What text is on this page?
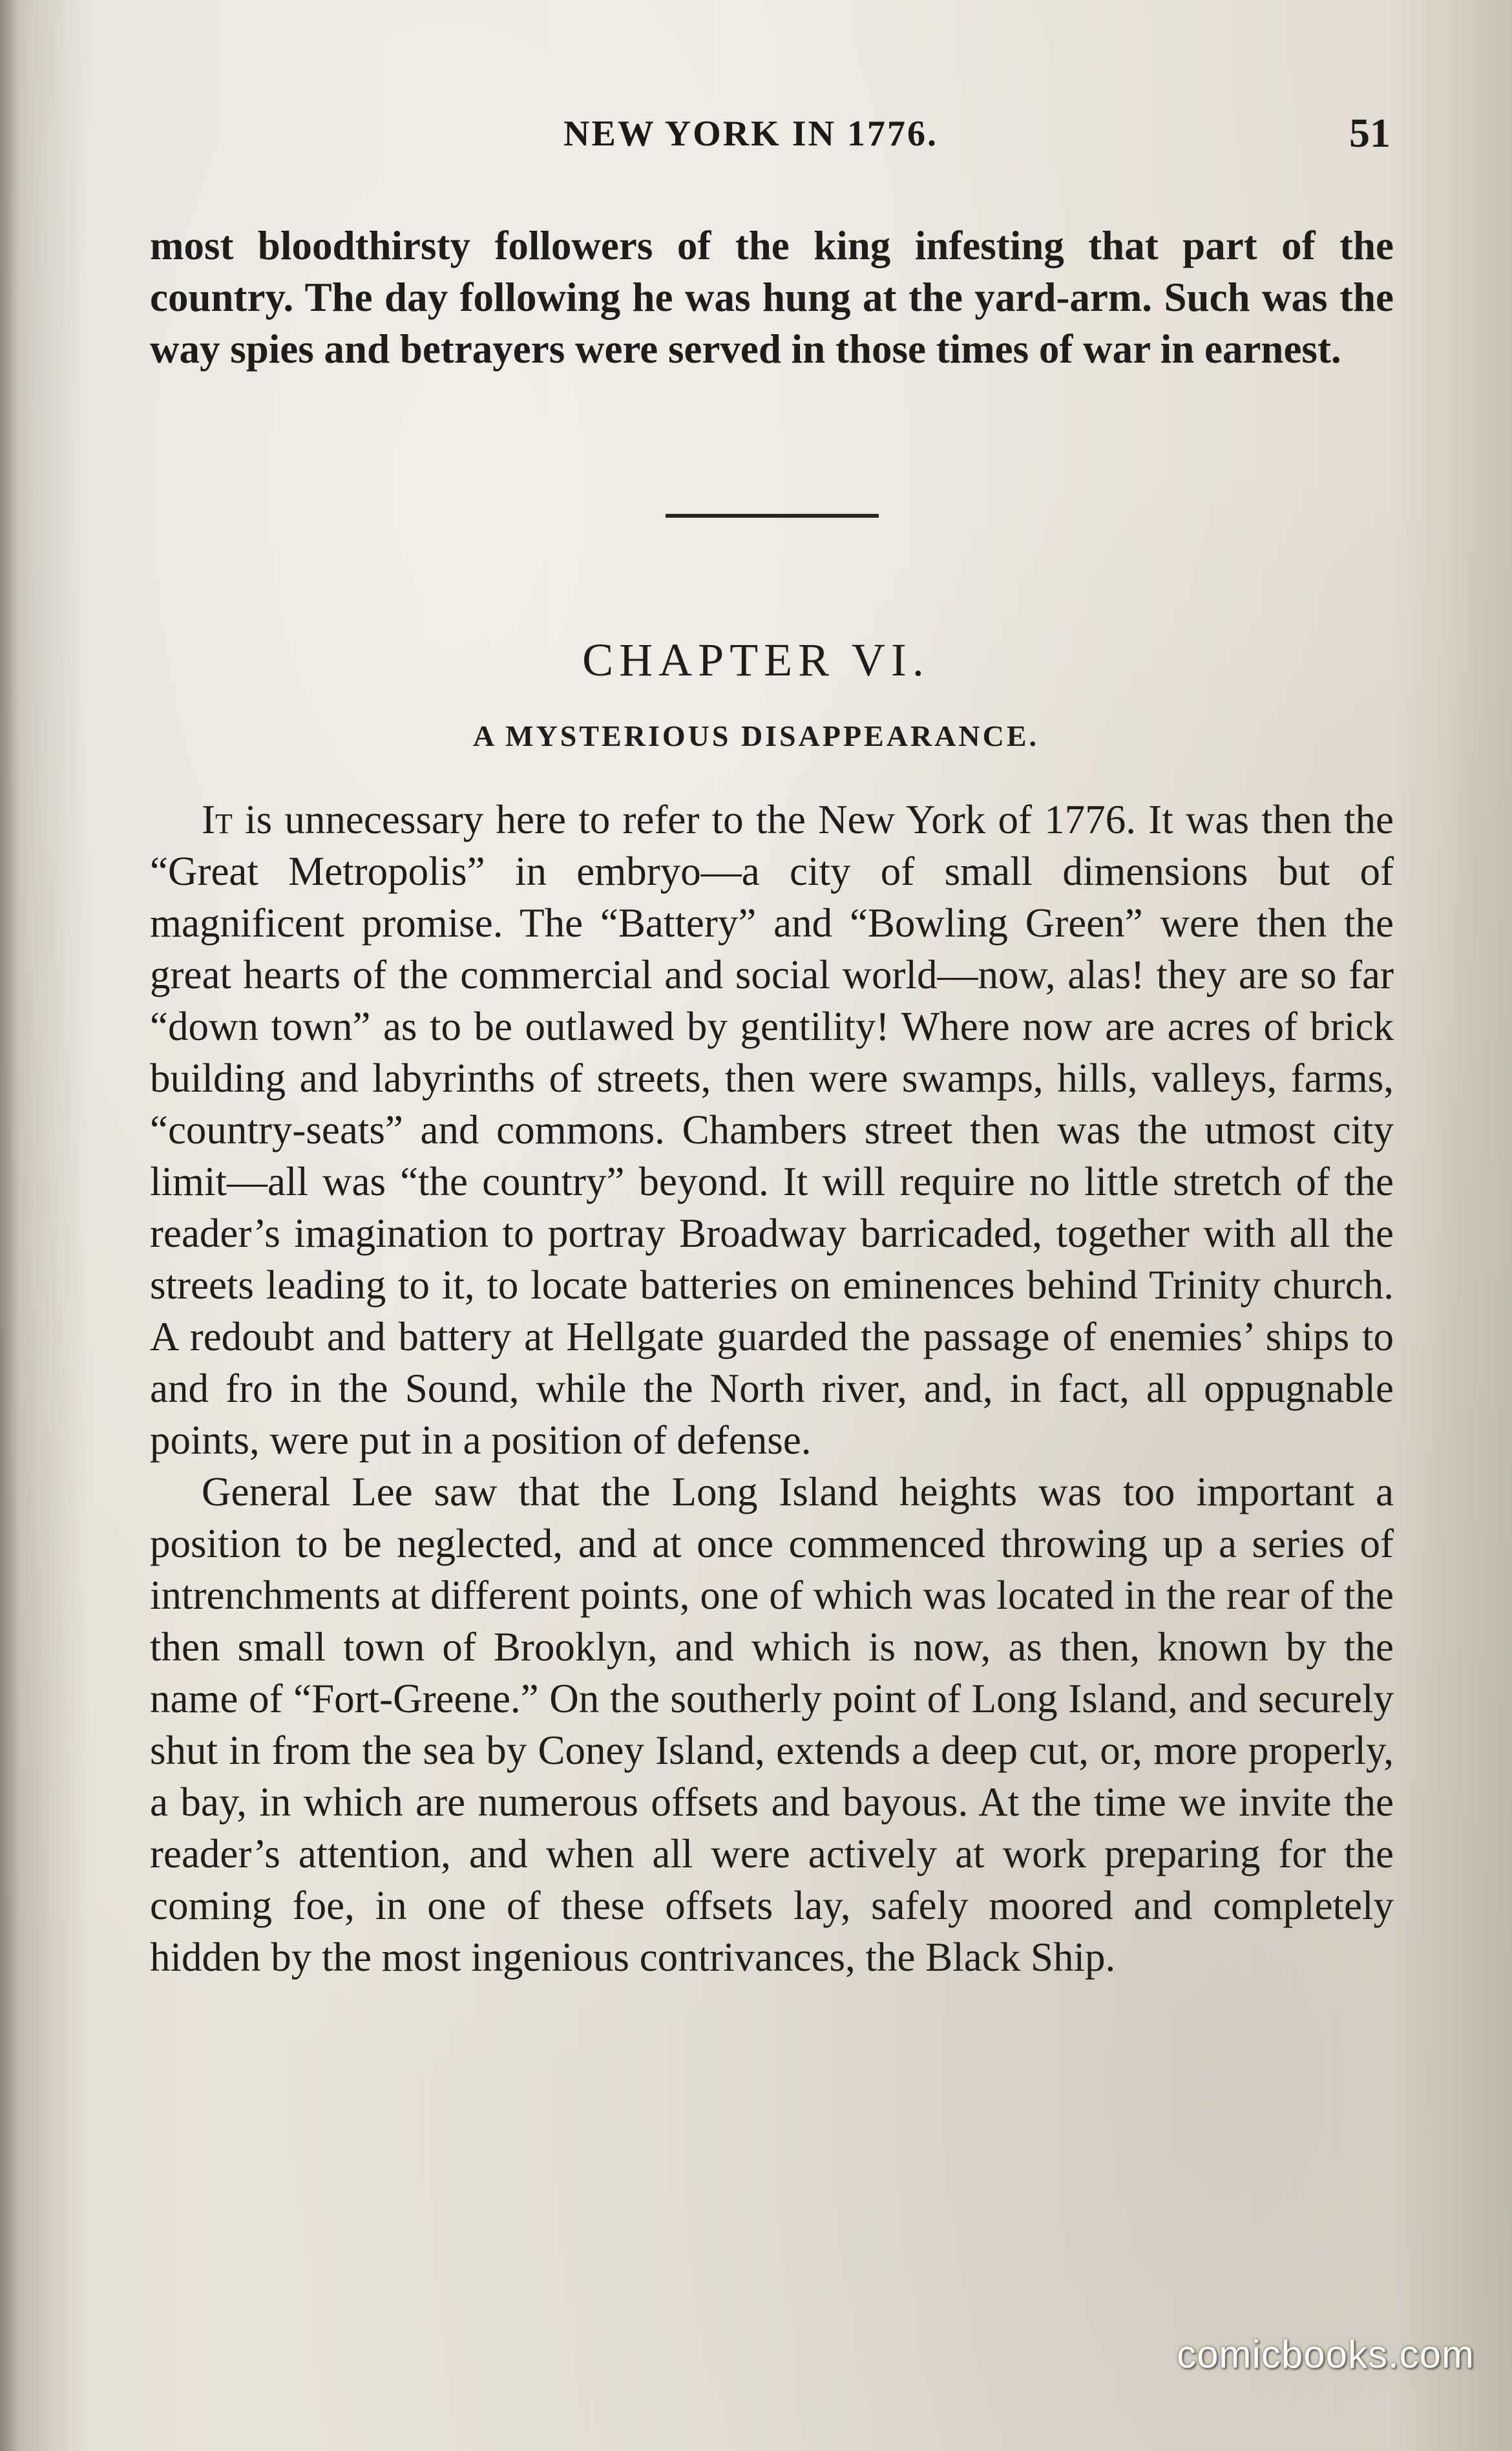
NEW YORK IN 1776.	51

most bloodthirsty followers of the king infesting that part of the country. The day following he was hung at the yard-arm. Such was the way spies and betrayers were served in those times of war in earnest.

CHAPTER VI.
A MYSTERIOUS DISAPPEARANCE.

It is unnecessary here to refer to the New York of 1776. It was then the “Great Metropolis” in embryo—a city of small dimensions but of magnificent promise. The “Battery” and “Bowling Green” were then the great hearts of the commercial and social world—now, alas! they are so far “down town” as to be outlawed by gentility! Where now are acres of brick building and labyrinths of streets, then were swamps, hills, valleys, farms, “country-seats” and commons. Chambers street then was the utmost city limit—all was “the country” beyond. It will require no little stretch of the reader’s imagination to portray Broadway barricaded, together with all the streets leading to it, to locate batteries on eminences behind Trinity church. A redoubt and battery at Hellgate guarded the passage of enemies’ ships to and fro in the Sound, while the North river, and, in fact, all oppugnable points, were put in a position of defense.

General Lee saw that the Long Island heights was too important a position to be neglected, and at once commenced throwing up a series of intrenchments at different points, one of which was located in the rear of the then small town of Brooklyn, and which is now, as then, known by the name of “Fort-Greene.” On the southerly point of Long Island, and securely shut in from the sea by Coney Island, extends a deep cut, or, more properly, a bay, in which are numerous offsets and bayous. At the time we invite the reader’s attention, and when all were actively at work preparing for the coming foe, in one of these offsets lay, safely moored and completely hidden by the most ingenious contrivances, the Black Ship.

comicbooks.com
